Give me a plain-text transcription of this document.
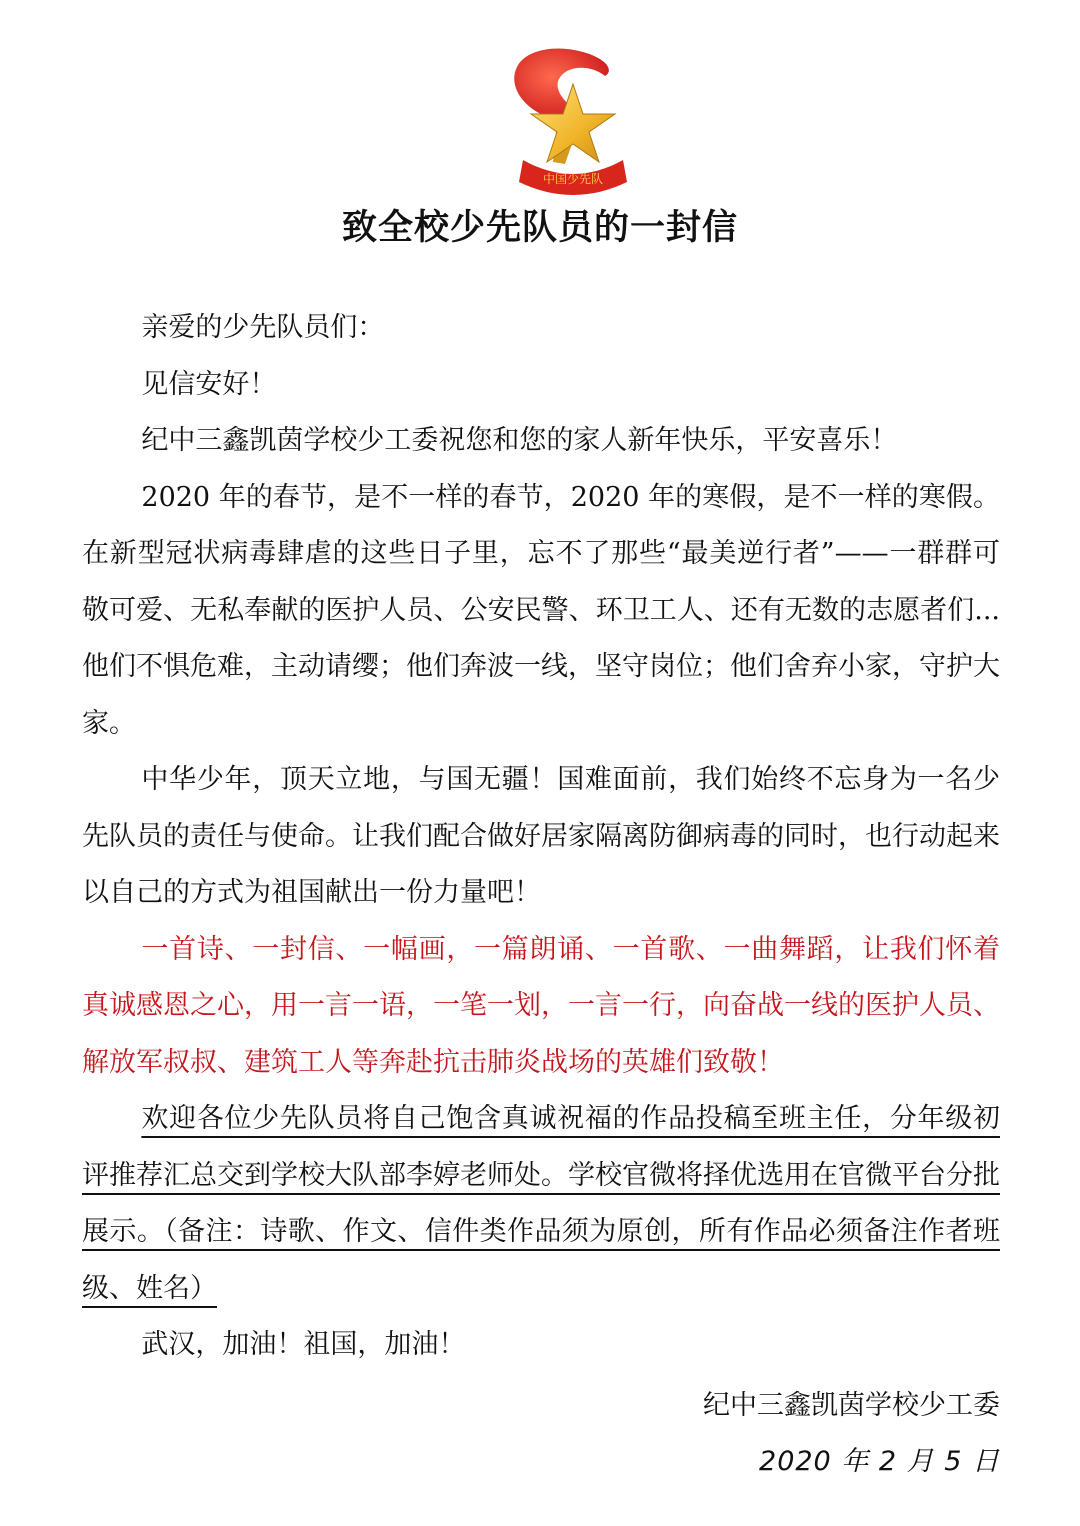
中国少先队
致全校少先队员的一封信

亲爱的少先队员们：

见信安好！

纪中三鑫凯茵学校少工委祝您和您的家人新年快乐，平安喜乐！

2020 年的春节，是不一样的春节，2020 年的寒假，是不一样的寒假。在新型冠状病毒肆虐的这些日子里，忘不了那些“最美逆行者”——一群群可敬可爱、无私奉献的医护人员、公安民警、环卫工人、还有无数的志愿者们...他们不惧危难，主动请缨；他们奔波一线，坚守岗位；他们舍弃小家，守护大家。

中华少年，顶天立地，与国无疆！国难面前，我们始终不忘身为一名少先队员的责任与使命。让我们配合做好居家隔离防御病毒的同时，也行动起来以自己的方式为祖国献出一份力量吧！

一首诗、一封信、一幅画，一篇朗诵、一首歌、一曲舞蹈，让我们怀着真诚感恩之心，用一言一语，一笔一划，一言一行，向奋战一线的医护人员、解放军叔叔、建筑工人等奔赴抗击肺炎战场的英雄们致敬！

欢迎各位少先队员将自己饱含真诚祝福的作品投稿至班主任，分年级初评推荐汇总交到学校大队部李婷老师处。学校官微将择优选用在官微平台分批展示。（备注：诗歌、作文、信件类作品须为原创，所有作品必须备注作者班级、姓名）

武汉，加油！祖国，加油！

纪中三鑫凯茵学校少工委
2020 年 2 月 5 日
